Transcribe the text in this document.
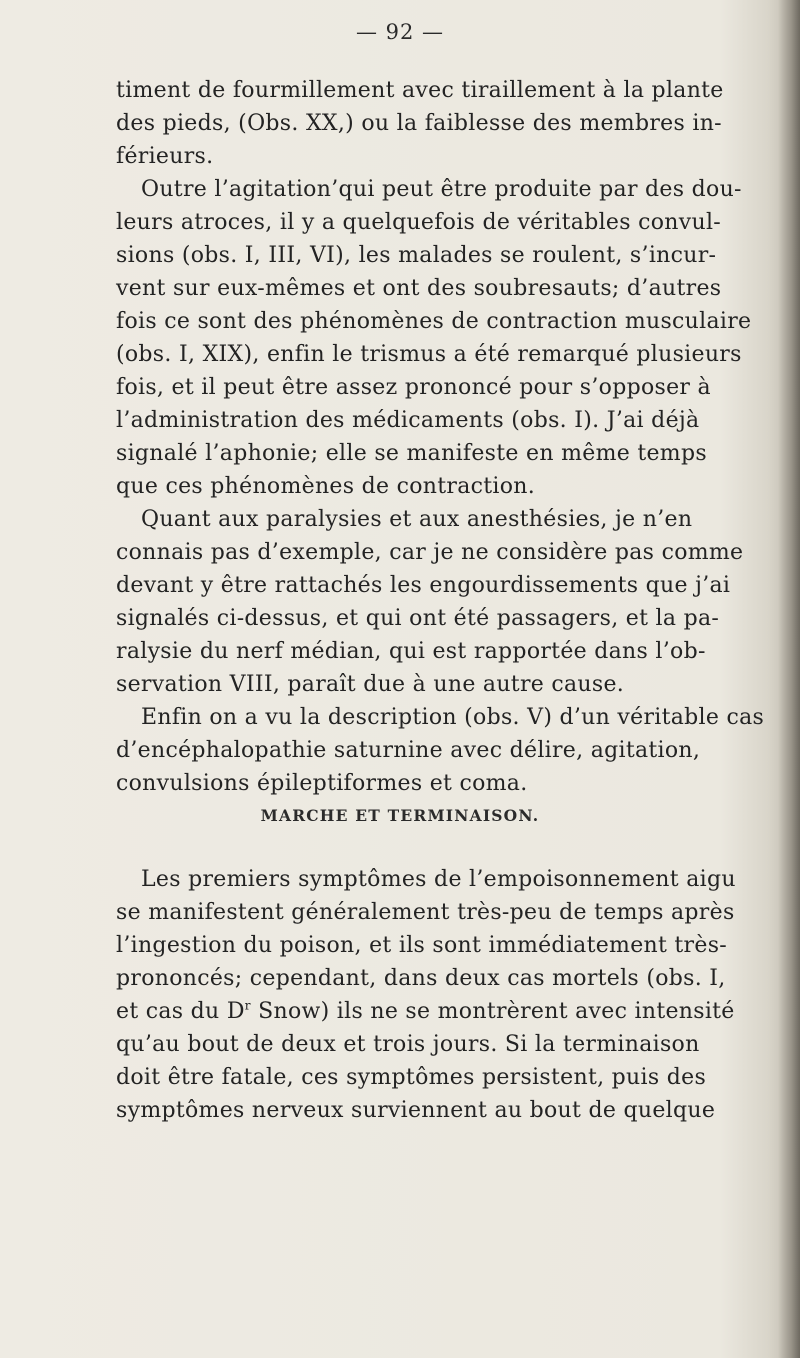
— 92 —
timent de fourmillement avec tiraillement à la plante
des pieds, (Obs. XX,) ou la faiblesse des membres in-
férieurs.
Outre l’agitation’qui peut être produite par des dou-
leurs atroces, il y a quelquefois de véritables convul-
sions (obs. I, III, VI), les malades se roulent, s’incur-
vent sur eux-mêmes et ont des soubresauts; d’autres
fois ce sont des phénomènes de contraction musculaire
(obs. I, XIX), enfin le trismus a été remarqué plusieurs
fois, et il peut être assez prononcé pour s’opposer à
l’administration des médicaments (obs. I). J’ai déjà
signalé l’aphonie; elle se manifeste en même temps
que ces phénomènes de contraction.
Quant aux paralysies et aux anesthésies, je n’en
connais pas d’exemple, car je ne considère pas comme
devant y être rattachés les engourdissements que j’ai
signalés ci-dessus, et qui ont été passagers, et la pa-
ralysie du nerf médian, qui est rapportée dans l’ob-
servation VIII, paraît due à une autre cause.
Enfin on a vu la description (obs. V) d’un véritable cas
d’encéphalopathie saturnine avec délire, agitation,
convulsions épileptiformes et coma.
Les premiers symptômes de l’empoisonnement aigu
se manifestent généralement très-peu de temps après
l’ingestion du poison, et ils sont immédiatement très-
prononcés; cependant, dans deux cas mortels (obs. I,
et cas du $D^r$ Snow) ils ne se montrèrent avec intensité
qu’au bout de deux et trois jours. Si la terminaison
doit être fatale, ces symptômes persistent, puis des
symptômes nerveux surviennent au bout de quelque
MARCHE ET TERMINAISON.
